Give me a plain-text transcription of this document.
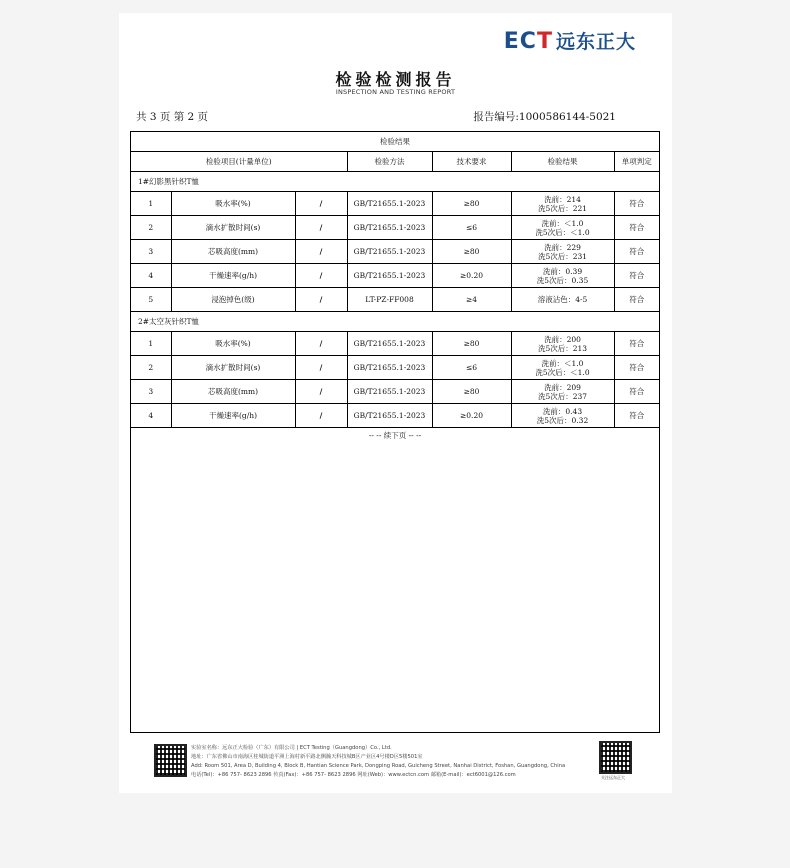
ECT 远东正大
检验检测报告
INSPECTION AND TESTING REPORT
共 3 页 第 2 页	报告编号:1000586144-5021
检验结果						
检验项目(计量单位)			检验方法	技术要求	检验结果	单项判定
1#幻影黑针织T恤						
1	吸水率(%)	/	GB/T21655.1-2023	≥80	洗前：214
洗5次后：221	符合
2	滴水扩散时间(s)	/	GB/T21655.1-2023	≤6	洗前：＜1.0
洗5次后：＜1.0	符合
3	芯吸高度(mm)	/	GB/T21655.1-2023	≥80	洗前：229
洗5次后：231	符合
4	干燥速率(g/h)	/	GB/T21655.1-2023	≥0.20	洗前：0.39
洗5次后：0.35	符合
5	浸泡掉色(级)	/	LT-PZ-FF008	≥4	溶液沾色：4-5	符合
2#太空灰针织T恤						
1	吸水率(%)	/	GB/T21655.1-2023	≥80	洗前：200
洗5次后：213	符合
2	滴水扩散时间(s)	/	GB/T21655.1-2023	≤6	洗前：＜1.0
洗5次后：＜1.0	符合
3	芯吸高度(mm)	/	GB/T21655.1-2023	≥80	洗前：209
洗5次后：237	符合
4	干燥速率(g/h)	/	GB/T21655.1-2023	≥0.20	洗前：0.43
洗5次后：0.32	符合
-- -- 续下页 -- --
实验室名称：远东正大检验（广东）有限公司 | ECT Testing（Guangdong）Co., Ltd.
地址：广东省佛山市南海区桂城街道平洲上海村新平路北侧瀚天科技城B区产业区4号楼D区5楼501室
Add: Room 501, Area D, Building 4, Block B, Hantian Science Park, Dongping Road, Guicheng Street, Nanhai District, Foshan, Guangdong, China
电话(Tel)：+86 757- 8623 2896 传真(Fax)：+86 757- 8623 2896 网址(Web)：www.ectcn.com 邮箱(E-mail)：ect6001@126.com	关注远东正大
